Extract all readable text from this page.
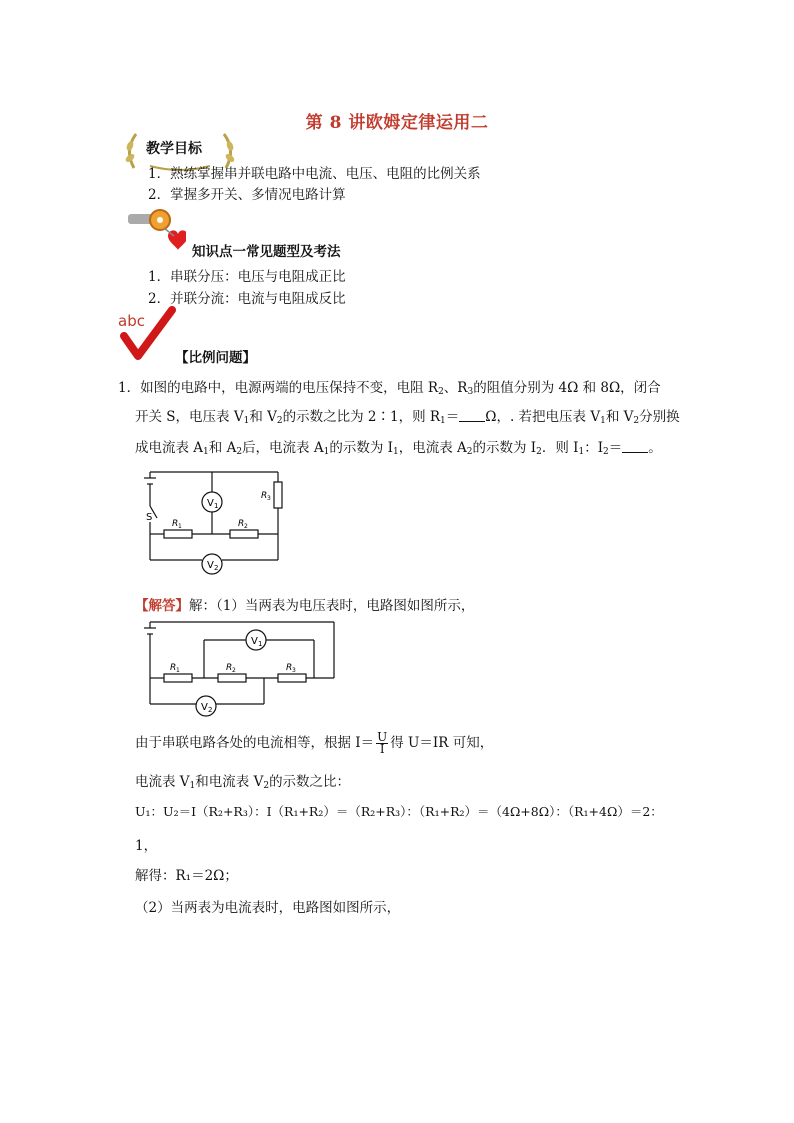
第 8 讲欧姆定律运用二
教学目标
1．熟练掌握串并联电路中电流、电压、电阻的比例关系
2．掌握多开关、多情况电路计算
知识点一常见题型及考法
1．串联分压：电压与电阻成正比
2．并联分流：电流与电阻成反比
abc
【比例问题】
1．如图的电路中，电源两端的电压保持不变，电阻 $R_2$、$R_3$的阻值分别为 4Ω 和 8Ω，闭合
开关 S，电压表 $V_1$和 $V_2$的示数之比为 2∶1，则 $R_1= \Omega$，. 若把电压表 $V_1$和 $V_2$分别换
成电流表 $A_1$和 $A_2$后，电流表 $A_1$的示数为 $I_1$，电流表 $A_2$的示数为 $I_2$．则 $I_1$：$I_2=$ 。
V 1
V 2
S
R 1	R 2
R 3
【解答】解：（1）当两表为电压表时，电路图如图所示，
V 1
V 2
R 1	R 2	R 3
由于串联电路各处的电流相等，根据 $I= \frac{U}{I}$ 得 U＝IR 可知，
电流表 $V_1$和电流表 $V_2$的示数之比：
U₁：U₂＝I（R₂+R₃）：I（R₁+R₂）＝（R₂+R₃）：（R₁+R₂）＝（4Ω+8Ω）：（R₁+4Ω）＝2：
1，
解得：R₁＝2Ω；
（2）当两表为电流表时，电路图如图所示，
